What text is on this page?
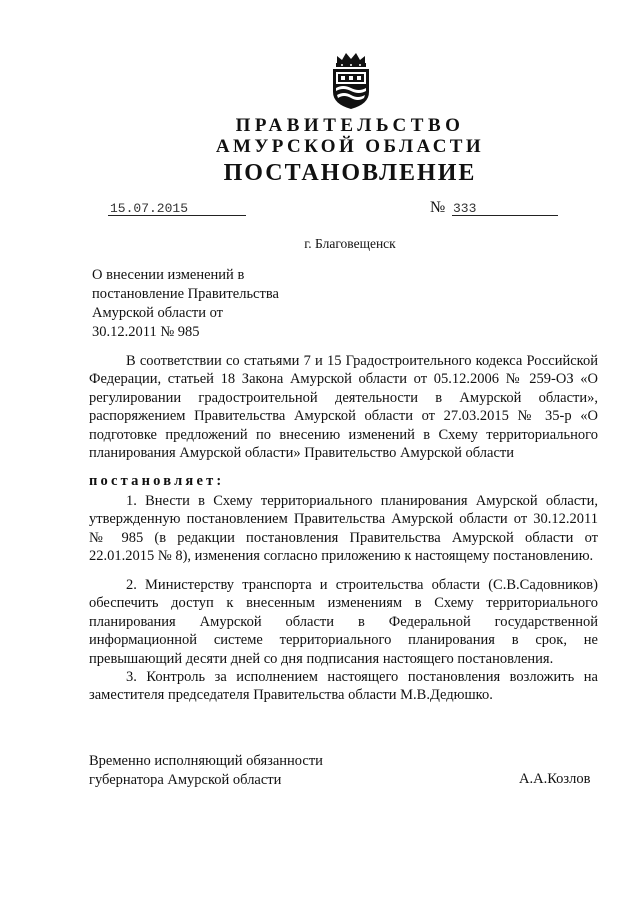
ПРАВИТЕЛЬСТВО
АМУРСКОЙ ОБЛАСТИ
ПОСТАНОВЛЕНИЕ
15.07.2015	№ 333
г. Благовещенск
О внесении изменений в
постановление Правительства
Амурской области от
30.12.2011 № 985
В соответствии со статьями 7 и 15 Градостроительного кодекса Российской Федерации, статьей 18 Закона Амурской области от 05.12.2006 № 259-ОЗ «О регулировании градостроительной деятельности в Амурской области», распоряжением Правительства Амурской области от 27.03.2015 № 35-р «О подготовке предложений по внесению изменений в Схему территориального планирования Амурской области» Правительство Амурской области
постановляет:
1. Внести в Схему территориального планирования Амурской области, утвержденную постановлением Правительства Амурской области от 30.12.2011 № 985 (в редакции постановления Правительства Амурской области от 22.01.2015 № 8), изменения согласно приложению к настоящему постановлению.
2. Министерству транспорта и строительства области (С.В.Садовников) обеспечить доступ к внесенным изменениям в Схему территориального планирования Амурской области в Федеральной государственной информационной системе территориального планирования в срок, не превышающий десяти дней со дня подписания настоящего постановления.
3. Контроль за исполнением настоящего постановления возложить на заместителя председателя Правительства области М.В.Дедюшко.
Временно исполняющий обязанности
губернатора Амурской области	А.А.Козлов
